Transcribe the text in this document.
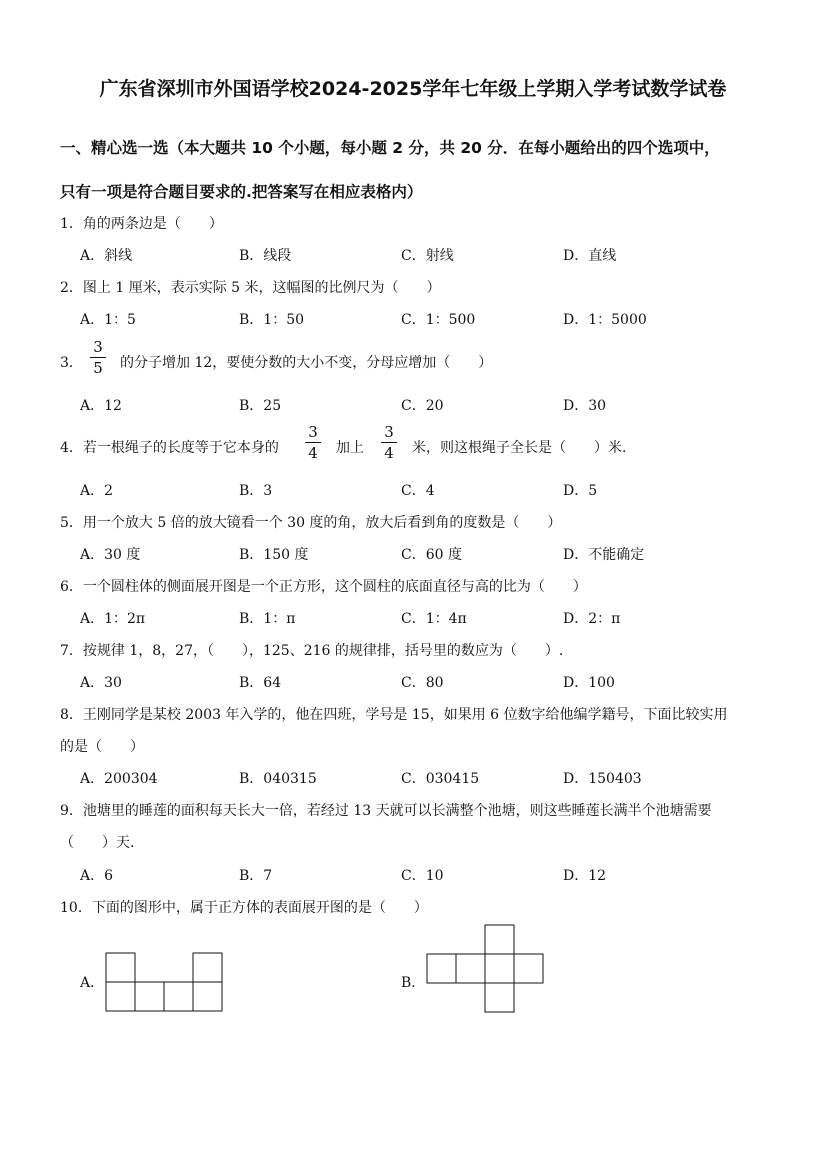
广东省深圳市外国语学校2024-2025学年七年级上学期入学考试数学试卷
一、精心选一选（本大题共 10 个小题，每小题 2 分，共 20 分．在每小题给出的四个选项中，
只有一项是符合题目要求的.把答案写在相应表格内）
1．角的两条边是（　　）
A．斜线	B．线段	C．射线	D．直线
2．图上 1 厘米，表示实际 5 米，这幅图的比例尺为（　　）
A．1：5	B．1：50	C．1：500	D．1：5000
3．
3
5 的分子增加 12，要使分数的大小不变，分母应增加（　　）
A．12	B．25	C．20	D．30
4．若一根绳子的长度等于它本身的
3
4 加上
3
4 米，则这根绳子全长是（　　）米.
A．2	B．3	C．4	D．5
5．用一个放大 5 倍的放大镜看一个 30 度的角，放大后看到角的度数是（　　）
A．30 度	B．150 度	C．60 度	D．不能确定
6．一个圆柱体的侧面展开图是一个正方形，这个圆柱的底面直径与高的比为（　　）
A．1：2π	B．1：π	C．1：4π	D．2：π
7．按规律 1，8，27，（　　），125、216 的规律排，括号里的数应为（　　）.
A．30	B．64	C．80	D．100
8．王刚同学是某校 2003 年入学的，他在四班，学号是 15，如果用 6 位数字给他编学籍号，下面比较实用
的是（　　）
A．200304	B．040315	C．030415	D．150403
9．池塘里的睡莲的面积每天长大一倍，若经过 13 天就可以长满整个池塘，则这些睡莲长满半个池塘需要
（　　）天.
A．6	B．7	C．10	D．12
10．下面的图形中，属于正方体的表面展开图的是（　　）
A．	B．
